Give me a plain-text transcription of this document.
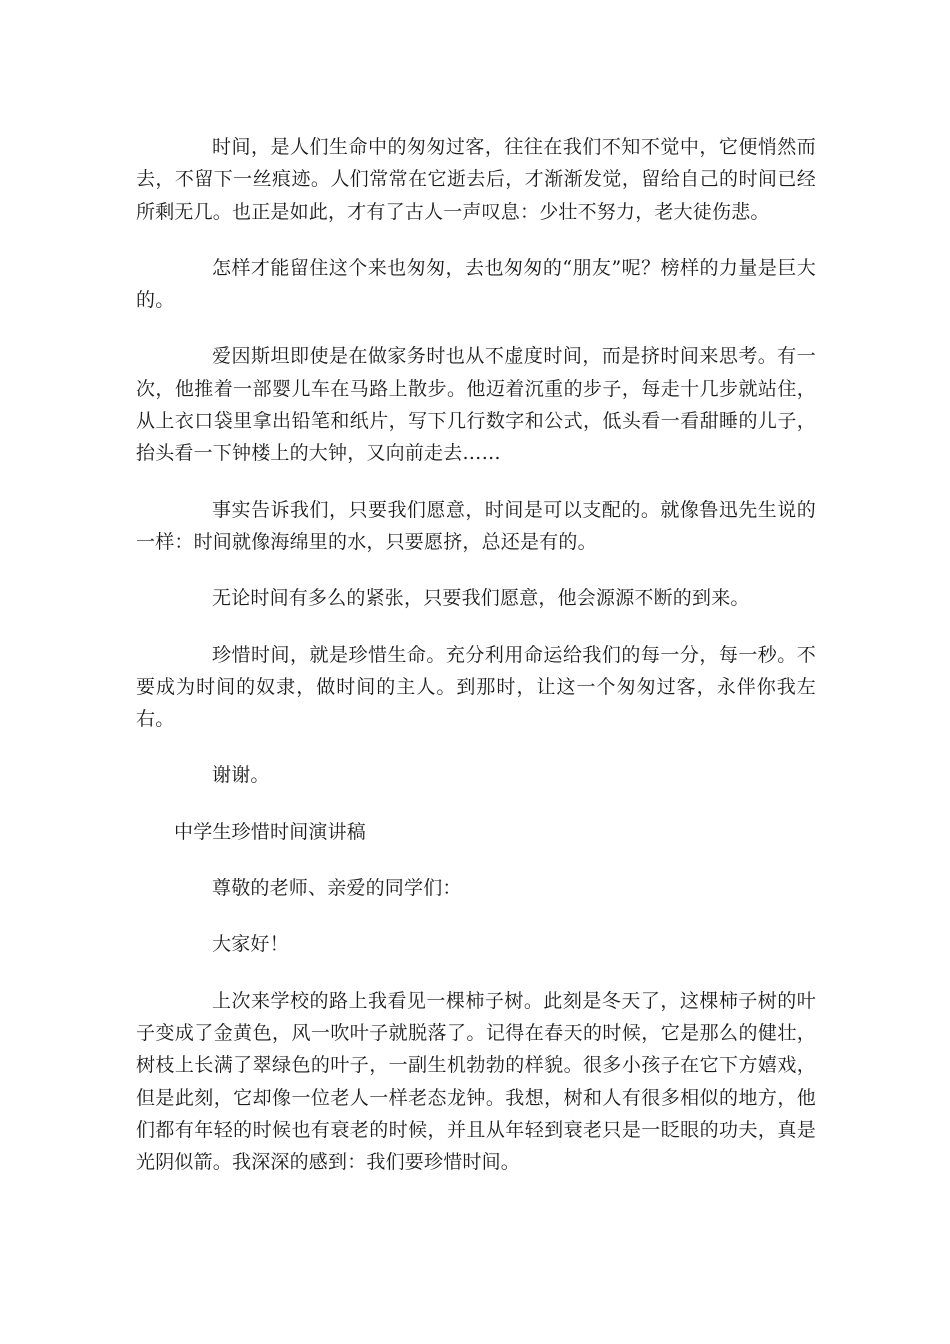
时间，是人们生命中的匆匆过客，往往在我们不知不觉中，它便悄然而去，不留下一丝痕迹。人们常常在它逝去后，才渐渐发觉，留给自己的时间已经所剩无几。也正是如此，才有了古人一声叹息：少壮不努力，老大徒伤悲。

怎样才能留住这个来也匆匆，去也匆匆的“朋友”呢？榜样的力量是巨大的。

爱因斯坦即使是在做家务时也从不虚度时间，而是挤时间来思考。有一次，他推着一部婴儿车在马路上散步。他迈着沉重的步子，每走十几步就站住，从上衣口袋里拿出铅笔和纸片，写下几行数字和公式，低头看一看甜睡的儿子，抬头看一下钟楼上的大钟，又向前走去……

事实告诉我们，只要我们愿意，时间是可以支配的。就像鲁迅先生说的一样：时间就像海绵里的水，只要愿挤，总还是有的。

无论时间有多么的紧张，只要我们愿意，他会源源不断的到来。

珍惜时间，就是珍惜生命。充分利用命运给我们的每一分，每一秒。不要成为时间的奴隶，做时间的主人。到那时，让这一个匆匆过客，永伴你我左右。

谢谢。

中学生珍惜时间演讲稿

尊敬的老师、亲爱的同学们：

大家好！

上次来学校的路上我看见一棵柿子树。此刻是冬天了，这棵柿子树的叶子变成了金黄色，风一吹叶子就脱落了。记得在春天的时候，它是那么的健壮，树枝上长满了翠绿色的叶子，一副生机勃勃的样貌。很多小孩子在它下方嬉戏，但是此刻，它却像一位老人一样老态龙钟。我想，树和人有很多相似的地方，他们都有年轻的时候也有衰老的时候，并且从年轻到衰老只是一眨眼的功夫，真是光阴似箭。我深深的感到：我们要珍惜时间。
